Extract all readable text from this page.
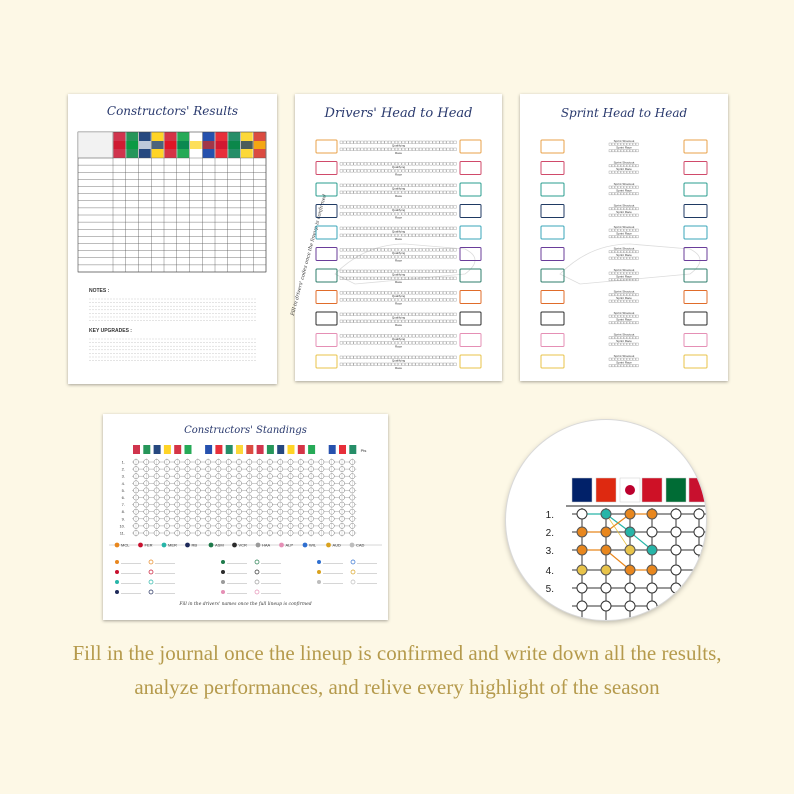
Constructors' Results
NOTES :
KEY UPGRADES :
Drivers' Head to Head
Fill in drivers' codes once the lineup is confirmed
Qualifying
Race
Qualifying
Race
Qualifying
Race
Qualifying
Race
Qualifying
Race
Qualifying
Race
Qualifying
Race
Qualifying
Race
Qualifying
Race
Qualifying
Race
Qualifying
Race
Sprint Head to Head
Sprint Shootout
Sprint Race
Sprint Shootout
Sprint Race
Sprint Shootout
Sprint Race
Sprint Shootout
Sprint Race
Sprint Shootout
Sprint Race
Sprint Shootout
Sprint Race
Sprint Shootout
Sprint Race
Sprint Shootout
Sprint Race
Sprint Shootout
Sprint Race
Sprint Shootout
Sprint Race
Sprint Shootout
Sprint Race
Constructors' Standings
Pts
1.
2.
3.
4.
5.
6.
7.
8.
9.
10.
11.
MCL	FER	MER	RB	ASM	VCR	HAA	ALP	WIL	AUD	CAD
Fill in the drivers' names once the full lineup is confirmed
1.
2.
3.
4.
5.
Fill in the journal once the lineup is confirmed and write down all the results, analyze performances, and relive every highlight of the season
